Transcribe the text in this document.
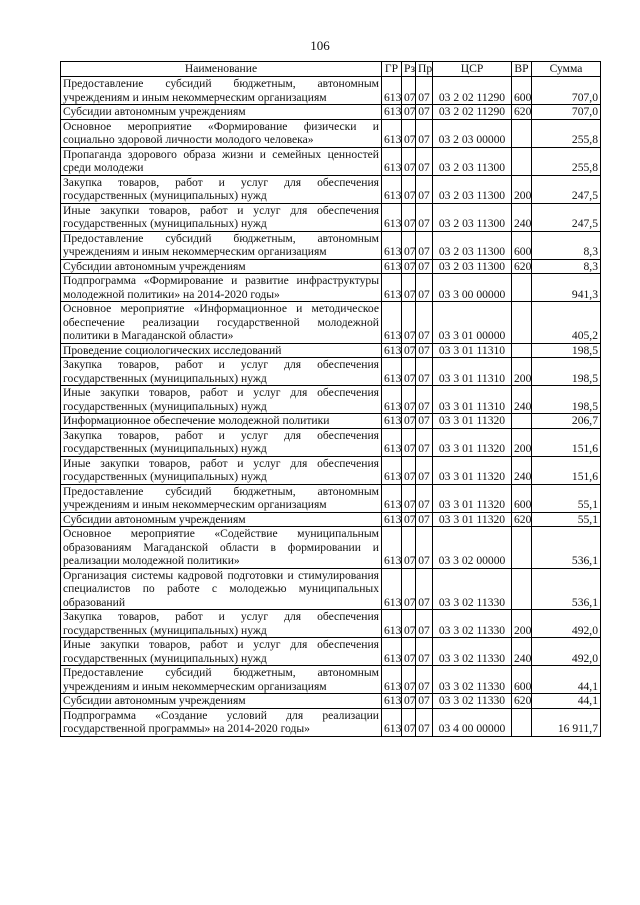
106
Наименование	ГР	Рз	Пр	ЦСР	ВР	Сумма
Предоставление субсидий бюджетным, автономным учреждениям и иным некоммерческим организациям	613	07	07	03 2 02 11290	600	707,0
Субсидии автономным учреждениям	613	07	07	03 2 02 11290	620	707,0
Основное мероприятие «Формирование физически и социально здоровой личности молодого человека»	613	07	07	03 2 03 00000		255,8
Пропаганда здорового образа жизни и семейных ценностей среди молодежи	613	07	07	03 2 03 11300		255,8
Закупка товаров, работ и услуг для обеспечения государственных (муниципальных) нужд	613	07	07	03 2 03 11300	200	247,5
Иные закупки товаров, работ и услуг для обеспечения государственных (муниципальных) нужд	613	07	07	03 2 03 11300	240	247,5
Предоставление субсидий бюджетным, автономным учреждениям и иным некоммерческим организациям	613	07	07	03 2 03 11300	600	8,3
Субсидии автономным учреждениям	613	07	07	03 2 03 11300	620	8,3
Подпрограмма «Формирование и развитие инфраструктуры молодежной политики» на 2014-2020 годы»	613	07	07	03 3 00 00000		941,3
Основное мероприятие «Информационное и методическое обеспечение реализации государственной молодежной политики в Магаданской области»	613	07	07	03 3 01 00000		405,2
Проведение социологических исследований	613	07	07	03 3 01 11310		198,5
Закупка товаров, работ и услуг для обеспечения государственных (муниципальных) нужд	613	07	07	03 3 01 11310	200	198,5
Иные закупки товаров, работ и услуг для обеспечения государственных (муниципальных) нужд	613	07	07	03 3 01 11310	240	198,5
Информационное обеспечение молодежной политики	613	07	07	03 3 01 11320		206,7
Закупка товаров, работ и услуг для обеспечения государственных (муниципальных) нужд	613	07	07	03 3 01 11320	200	151,6
Иные закупки товаров, работ и услуг для обеспечения государственных (муниципальных) нужд	613	07	07	03 3 01 11320	240	151,6
Предоставление субсидий бюджетным, автономным учреждениям и иным некоммерческим организациям	613	07	07	03 3 01 11320	600	55,1
Субсидии автономным учреждениям	613	07	07	03 3 01 11320	620	55,1
Основное мероприятие «Содействие муниципальным образованиям Магаданской области в формировании и реализации молодежной политики»	613	07	07	03 3 02 00000		536,1
Организация системы кадровой подготовки и стимулирования специалистов по работе с молодежью муниципальных образований	613	07	07	03 3 02 11330		536,1
Закупка товаров, работ и услуг для обеспечения государственных (муниципальных) нужд	613	07	07	03 3 02 11330	200	492,0
Иные закупки товаров, работ и услуг для обеспечения государственных (муниципальных) нужд	613	07	07	03 3 02 11330	240	492,0
Предоставление субсидий бюджетным, автономным учреждениям и иным некоммерческим организациям	613	07	07	03 3 02 11330	600	44,1
Субсидии автономным учреждениям	613	07	07	03 3 02 11330	620	44,1
Подпрограмма «Создание условий для реализации государственной программы» на 2014-2020 годы»	613	07	07	03 4 00 00000		16 911,7
